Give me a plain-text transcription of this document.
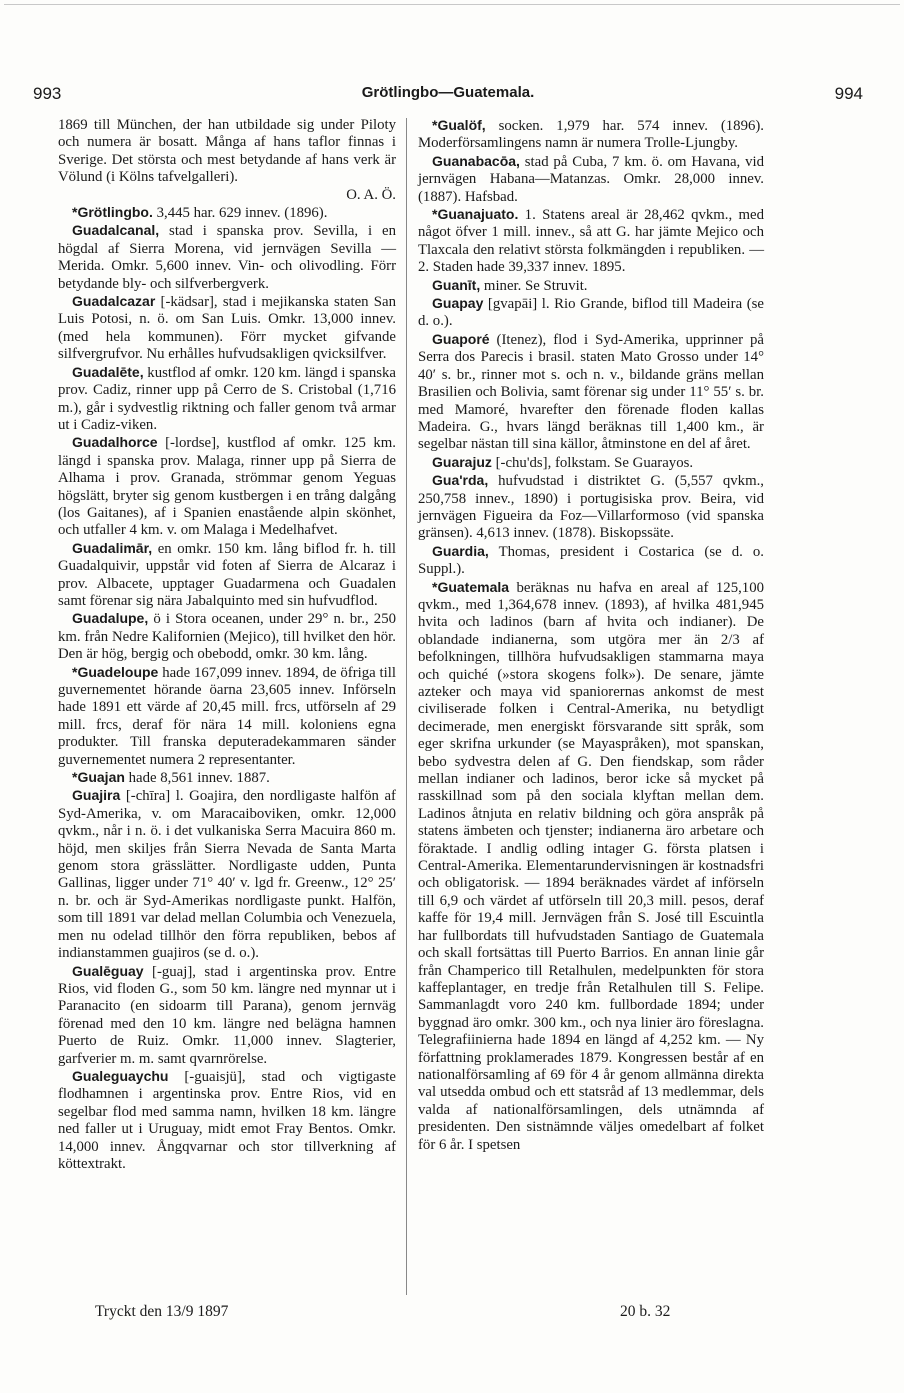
993	Grötlingbo—Guatemala.	994

1869 till München, der han utbildade sig under Piloty och numera är bosatt. Många af hans taflor finnas i Sverige. Det största och mest betydande af hans verk är Völund (i Kölns tafvelgalleri).

O. A. Ö.

*Grötlingbo. 3,445 har. 629 innev. (1896).

Guadalcanal, stad i spanska prov. Sevilla, i en högdal af Sierra Morena, vid jernvägen Sevilla —Merida. Omkr. 5,600 innev. Vin- och olivodling. Förr betydande bly- och silfverbergverk.

Guadalcazar [-kädsar], stad i mejikanska staten San Luis Potosi, n. ö. om San Luis. Omkr. 13,000 innev. (med hela kommunen). Förr mycket gifvande silfvergrufvor. Nu erhålles hufvudsakligen qvicksilfver.

Guadalēte, kustflod af omkr. 120 km. längd i spanska prov. Cadiz, rinner upp på Cerro de S. Cristobal (1,716 m.), går i sydvestlig riktning och faller genom två armar ut i Cadiz-viken.

Guadalhorce [-lordse], kustflod af omkr. 125 km. längd i spanska prov. Malaga, rinner upp på Sierra de Alhama i prov. Granada, strömmar genom Yeguas högslätt, bryter sig genom kustbergen i en trång dalgång (los Gaitanes), af i Spanien enastående alpin skönhet, och utfaller 4 km. v. om Malaga i Medelhafvet.

Guadalimār, en omkr. 150 km. lång biflod fr. h. till Guadalquivir, uppstår vid foten af Sierra de Alcaraz i prov. Albacete, upptager Guadarmena och Guadalen samt förenar sig nära Jabalquinto med sin hufvudflod.

Guadalupe, ö i Stora oceanen, under 29° n. br., 250 km. från Nedre Kalifornien (Mejico), till hvilket den hör. Den är hög, bergig och obebodd, omkr. 30 km. lång.

*Guadeloupe hade 167,099 innev. 1894, de öfriga till guvernementet hörande öarna 23,605 innev. Införseln hade 1891 ett värde af 20,45 mill. frcs, utförseln af 29 mill. frcs, deraf för nära 14 mill. koloniens egna produkter. Till franska deputeradekammaren sänder guvernementet numera 2 representanter.

*Guajan hade 8,561 innev. 1887.

Guajira [-chīra] l. Goajira, den nordligaste halfön af Syd-Amerika, v. om Maracaiboviken, omkr. 12,000 qvkm., når i n. ö. i det vulkaniska Serra Macuira 860 m. höjd, men skiljes från Sierra Nevada de Santa Marta genom stora grässlätter. Nordligaste udden, Punta Gallinas, ligger under 71° 40′ v. lgd fr. Greenw., 12° 25′ n. br. och är Syd-Amerikas nordligaste punkt. Halfön, som till 1891 var delad mellan Columbia och Venezuela, men nu odelad tillhör den förra republiken, bebos af indianstammen guajiros (se d. o.).

Gualēguay [-guaj], stad i argentinska prov. Entre Rios, vid floden G., som 50 km. längre ned mynnar ut i Paranacito (en sidoarm till Parana), genom jernväg förenad med den 10 km. längre ned belägna hamnen Puerto de Ruiz. Omkr. 11,000 innev. Slagterier, garfverier m. m. samt qvarnrörelse.

Gualeguaychu [-guaisjü], stad och vigtigaste flodhamnen i argentinska prov. Entre Rios, vid en segelbar flod med samma namn, hvilken 18 km. längre ned faller ut i Uruguay, midt emot Fray Bentos. Omkr. 14,000 innev. Ångqvarnar och stor tillverkning af köttextrakt.

*Gualöf, socken. 1,979 har. 574 innev. (1896). Moderförsamlingens namn är numera Trolle-Ljungby.

Guanabacōa, stad på Cuba, 7 km. ö. om Havana, vid jernvägen Habana—Matanzas. Omkr. 28,000 innev. (1887). Hafsbad.

*Guanajuato. 1. Statens areal är 28,462 qvkm., med något öfver 1 mill. innev., så att G. har jämte Mejico och Tlaxcala den relativt största folkmängden i republiken. — 2. Staden hade 39,337 innev. 1895.

Guanīt, miner. Se Struvit.

Guapay [gvapāi] l. Rio Grande, biflod till Madeira (se d. o.).

Guaporé (Itenez), flod i Syd-Amerika, upprinner på Serra dos Parecis i brasil. staten Mato Grosso under 14° 40′ s. br., rinner mot s. och n. v., bildande gräns mellan Brasilien och Bolivia, samt förenar sig under 11° 55′ s. br. med Mamoré, hvarefter den förenade floden kallas Madeira. G., hvars längd beräknas till 1,400 km., är segelbar nästan till sina källor, åtminstone en del af året.

Guarajuz [-chu'ds], folkstam. Se Guarayos.

Gua'rda, hufvudstad i distriktet G. (5,557 qvkm., 250,758 innev., 1890) i portugisiska prov. Beira, vid jernvägen Figueira da Foz—Villarformoso (vid spanska gränsen). 4,613 innev. (1878). Biskopssäte.

Guardia, Thomas, president i Costarica (se d. o. Suppl.).

*Guatemala beräknas nu hafva en areal af 125,100 qvkm., med 1,364,678 innev. (1893), af hvilka 481,945 hvita och ladinos (barn af hvita och indianer). De oblandade indianerna, som utgöra mer än 2/3 af befolkningen, tillhöra hufvudsakligen stammarna maya och quiché (»stora skogens folk»). De senare, jämte azteker och maya vid spaniorernas ankomst de mest civiliserade folken i Central-Amerika, nu betydligt decimerade, men energiskt försvarande sitt språk, som eger skrifna urkunder (se Mayaspråken), mot spanskan, bebo sydvestra delen af G. Den fiendskap, som råder mellan indianer och ladinos, beror icke så mycket på rasskillnad som på den sociala klyftan mellan dem. Ladinos åtnjuta en relativ bildning och göra anspråk på statens ämbeten och tjenster; indianerna äro arbetare och föraktade. I andlig odling intager G. första platsen i Central-Amerika. Elementarundervisningen är kostnadsfri och obligatorisk. — 1894 beräknades värdet af införseln till 6,9 och värdet af utförseln till 20,3 mill. pesos, deraf kaffe för 19,4 mill. Jernvägen från S. José till Escuintla har fullbordats till hufvudstaden Santiago de Guatemala och skall fortsättas till Puerto Barrios. En annan linie går från Champerico till Retalhulen, medelpunkten för stora kaffeplantager, en tredje från Retalhulen till S. Felipe. Sammanlagdt voro 240 km. fullbordade 1894; under byggnad äro omkr. 300 km., och nya linier äro föreslagna. Telegrafiinierna hade 1894 en längd af 4,252 km. — Ny författning proklamerades 1879. Kongressen består af en nationalförsamling af 69 för 4 år genom allmänna direkta val utsedda ombud och ett statsråd af 13 medlemmar, dels valda af nationalförsamlingen, dels utnämnda af presidenten. Den sistnämnde väljes omedelbart af folket för 6 år. I spetsen

Tryckt den 13/9 1897	20 b. 32
